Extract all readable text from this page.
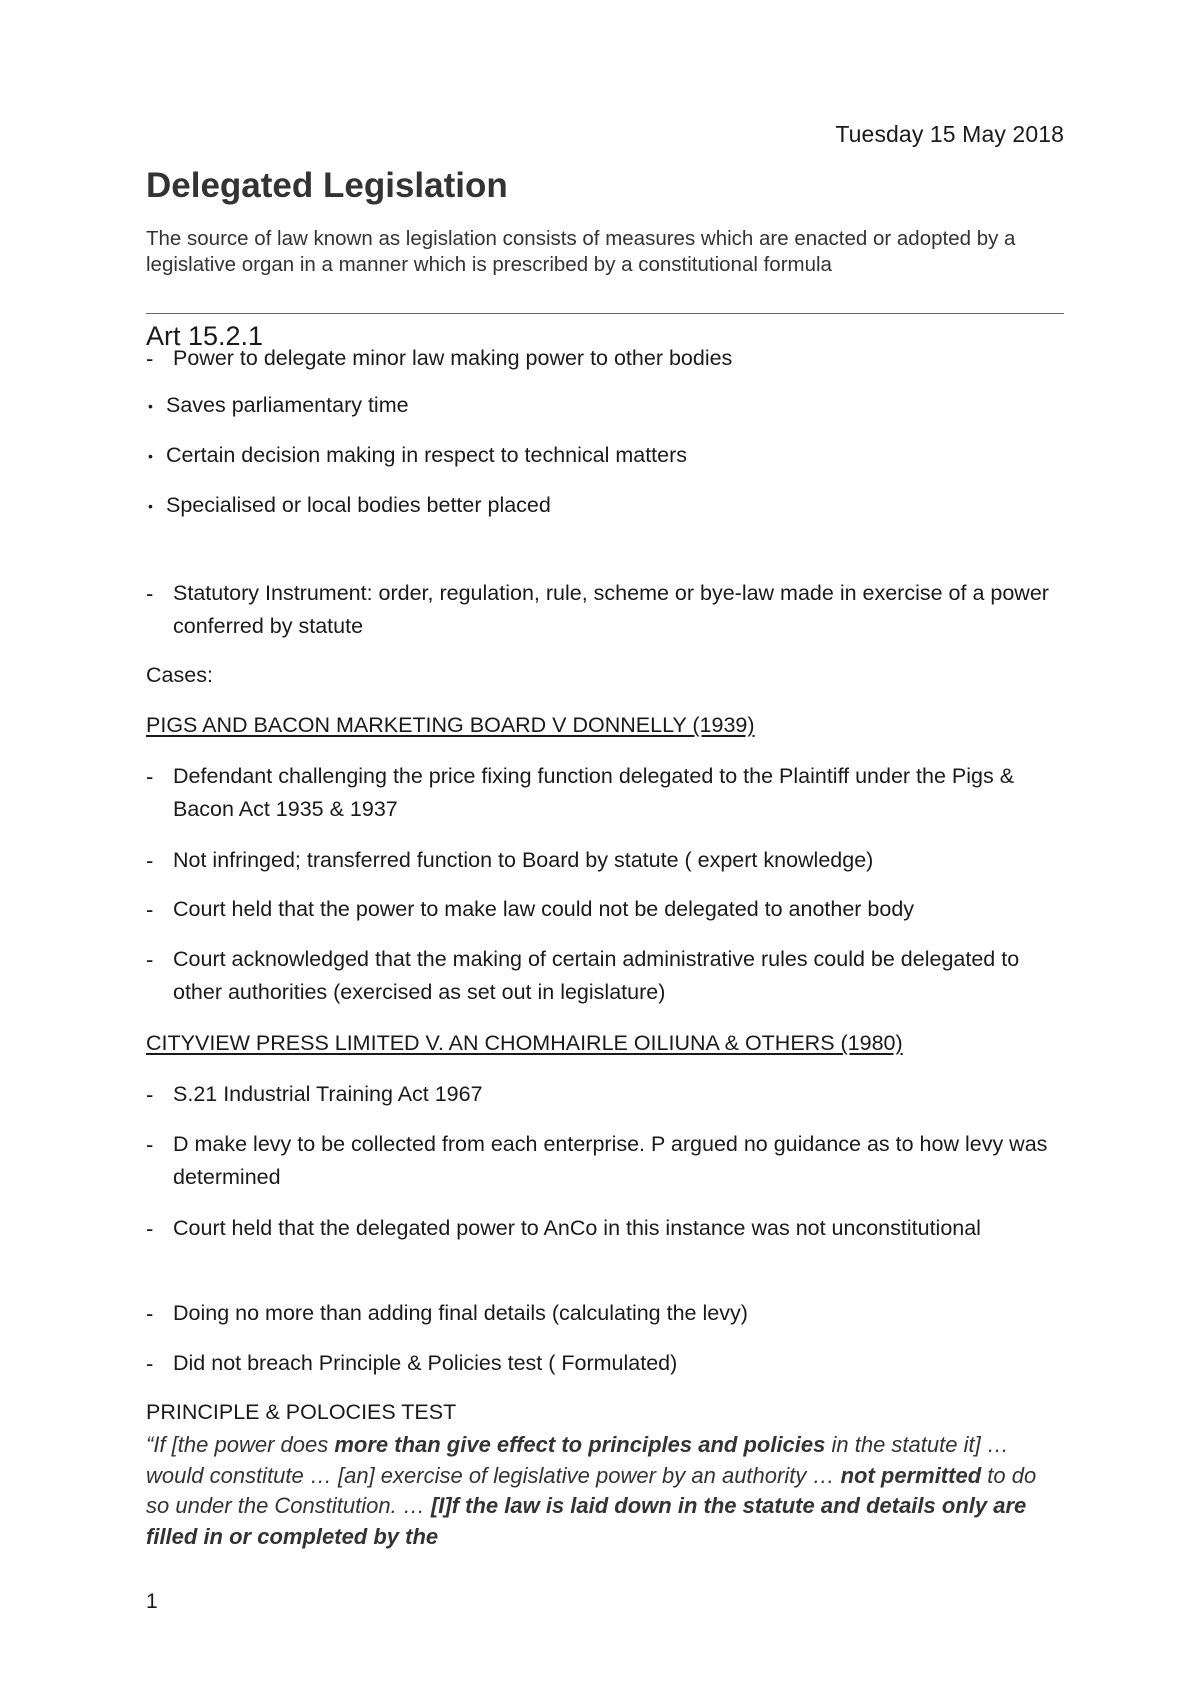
Tuesday 15 May 2018
Delegated Legislation
The source of law known as legislation consists of measures which are enacted or adopted by a legislative organ in a manner which is prescribed by a constitutional formula
Art 15.2.1
- Power to delegate minor law making power to other bodies
• Saves parliamentary time
• Certain decision making in respect to technical matters
• Specialised or local bodies better placed
- Statutory Instrument: order, regulation, rule, scheme or bye-law made in exercise of a power conferred by statute
Cases:
PIGS AND BACON MARKETING BOARD V DONNELLY (1939)
- Defendant challenging the price fixing function delegated to the Plaintiff under the Pigs & Bacon Act 1935 & 1937
- Not infringed; transferred function to Board by statute ( expert knowledge)
- Court held that the power to make law could not be delegated to another body
- Court acknowledged that the making of certain administrative rules could be delegated to other authorities (exercised as set out in legislature)
CITYVIEW PRESS LIMITED V. AN CHOMHAIRLE OILIUNA & OTHERS (1980)
- S.21 Industrial Training Act 1967
- D make levy to be collected from each enterprise. P argued no guidance as to how levy was determined
- Court held that the delegated power to AnCo in this instance was not unconstitutional
- Doing no more than adding final details (calculating the levy)
- Did not breach Principle & Policies test ( Formulated)
PRINCIPLE & POLOCIES TEST
“If [the power does more than give effect to principles and policies in the statute it] … would constitute … [an] exercise of legislative power by an authority … not permitted to do so under the Constitution. … [I]f the law is laid down in the statute and details only are filled in or completed by the
1
